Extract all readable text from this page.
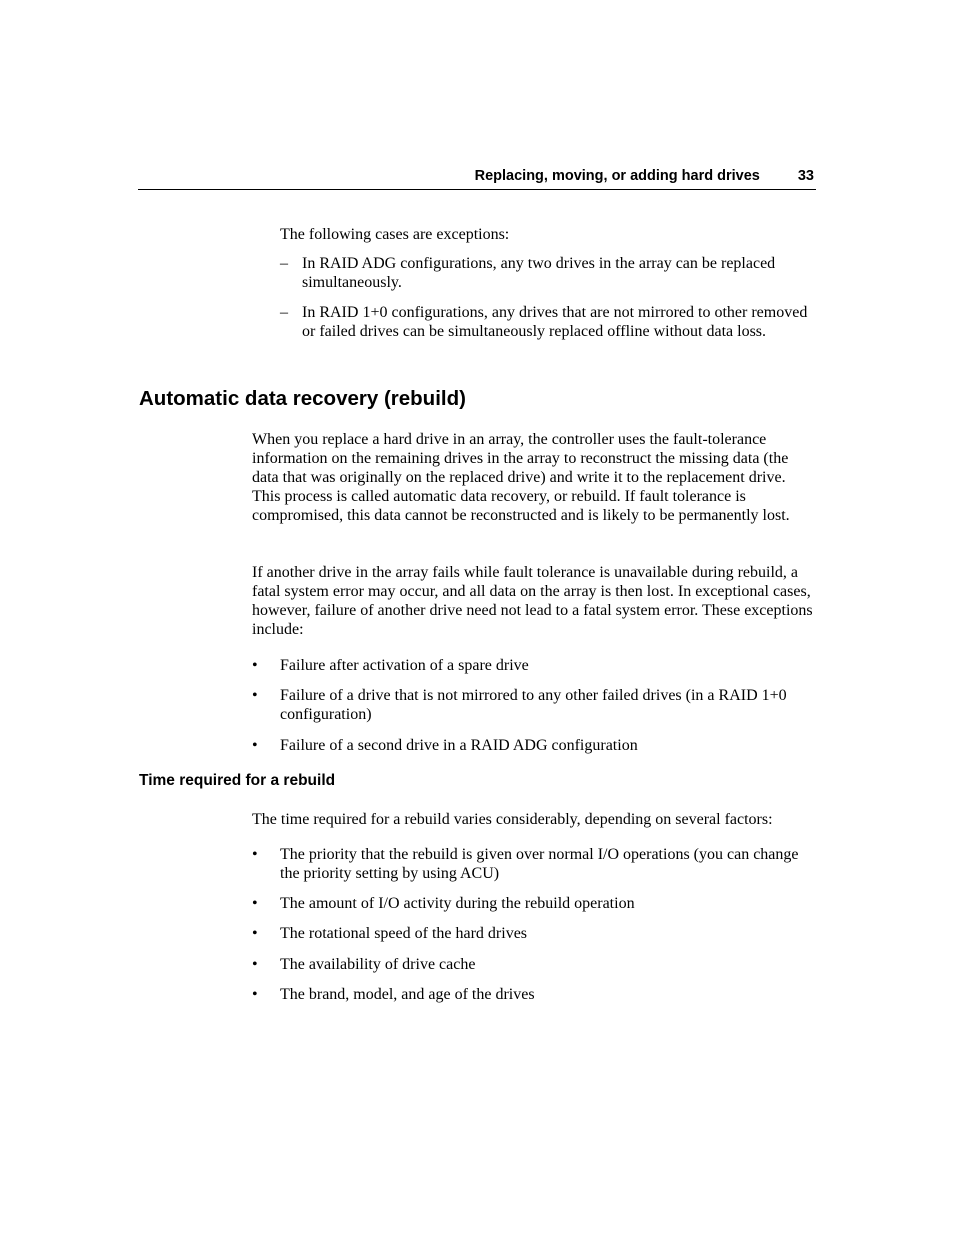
Replacing, moving, or adding hard drives	33
The following cases are exceptions:
– In RAID ADG configurations, any two drives in the array can be replaced simultaneously.
– In RAID 1+0 configurations, any drives that are not mirrored to other removed or failed drives can be simultaneously replaced offline without data loss.
Automatic data recovery (rebuild)
When you replace a hard drive in an array, the controller uses the fault-tolerance information on the remaining drives in the array to reconstruct the missing data (the data that was originally on the replaced drive) and write it to the replacement drive. This process is called automatic data recovery, or rebuild. If fault tolerance is compromised, this data cannot be reconstructed and is likely to be permanently lost.
If another drive in the array fails while fault tolerance is unavailable during rebuild, a fatal system error may occur, and all data on the array is then lost. In exceptional cases, however, failure of another drive need not lead to a fatal system error. These exceptions include:
• Failure after activation of a spare drive
• Failure of a drive that is not mirrored to any other failed drives (in a RAID 1+0 configuration)
• Failure of a second drive in a RAID ADG configuration
Time required for a rebuild
The time required for a rebuild varies considerably, depending on several factors:
• The priority that the rebuild is given over normal I/O operations (you can change the priority setting by using ACU)
• The amount of I/O activity during the rebuild operation
• The rotational speed of the hard drives
• The availability of drive cache
• The brand, model, and age of the drives
